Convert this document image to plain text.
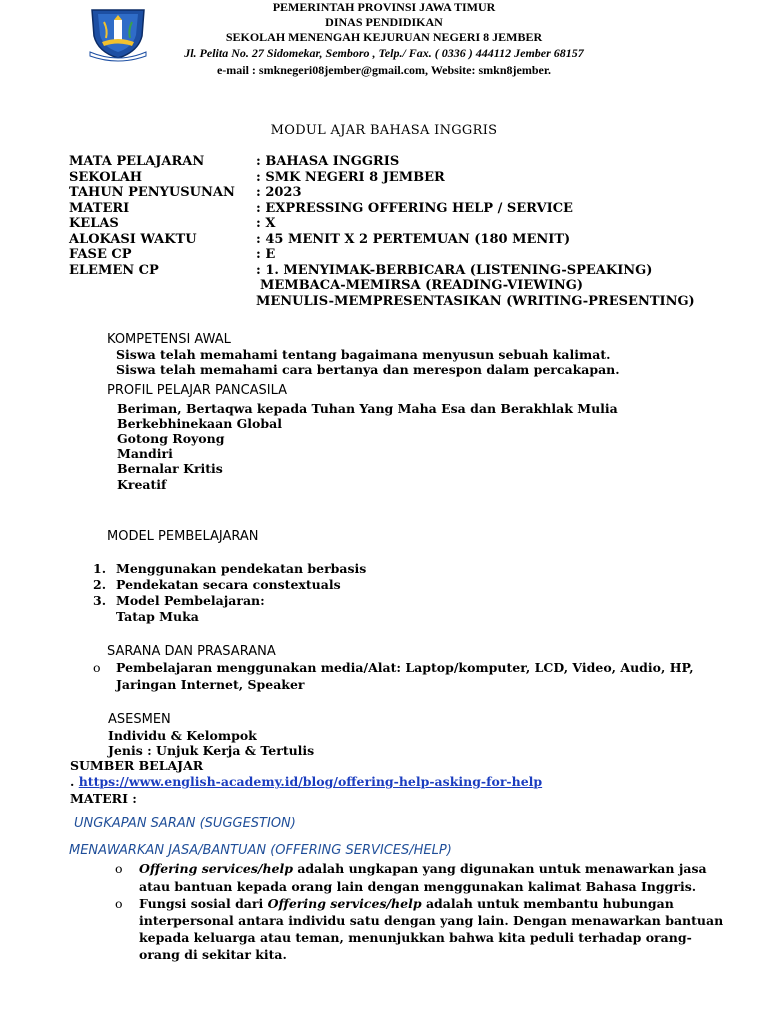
PEMERINTAH PROVINSI JAWA TIMUR
DINAS PENDIDIKAN
SEKOLAH MENENGAH KEJURUAN NEGERI 8 JEMBER
Jl. Pelita No. 27 Sidomekar, Semboro , Telp./ Fax. ( 0336 ) 444112 Jember 68157
e-mail : smknegeri08jember@gmail.com, Website: smkn8jember.
MODUL AJAR BAHASA INGGRIS
MATA PELAJARAN	: BAHASA INGGRIS
SEKOLAH	: SMK NEGERI 8 JEMBER
TAHUN PENYUSUNAN : 2023
MATERI	: EXPRESSING OFFERING HELP / SERVICE
KELAS	: X
ALOKASI WAKTU	: 45 MENIT X 2 PERTEMUAN (180 MENIT)
FASE CP	: E
ELEMEN CP	: 1. MENYIMAK-BERBICARA (LISTENING-SPEAKING)
MEMBACA-MEMIRSA (READING-VIEWING)
MENULIS-MEMPRESENTASIKAN (WRITING-PRESENTING)
KOMPETENSI AWAL
Siswa telah memahami tentang bagaimana menyusun sebuah kalimat.
Siswa telah memahami cara bertanya dan merespon dalam percakapan.
PROFIL PELAJAR PANCASILA
Beriman, Bertaqwa kepada Tuhan Yang Maha Esa dan Berakhlak Mulia
Berkebhinekaan Global
Gotong Royong
Mandiri
Bernalar Kritis
Kreatif
MODEL PEMBELAJARAN
1. Menggunakan pendekatan berbasis
2. Pendekatan secara constextuals
3. Model Pembelajaran:
Tatap Muka
SARANA DAN PRASARANA
o Pembelajaran menggunakan media/Alat: Laptop/komputer, LCD, Video, Audio, HP,
Jaringan Internet, Speaker
ASESMEN
Individu & Kelompok
Jenis : Unjuk Kerja & Tertulis
SUMBER BELAJAR
. https://www.english-academy.id/blog/offering-help-asking-for-help
MATERI :
UNGKAPAN SARAN (SUGGESTION)
MENAWARKAN JASA/BANTUAN (OFFERING SERVICES/HELP)
o Offering services/help adalah ungkapan yang digunakan untuk menawarkan jasa
atau bantuan kepada orang lain dengan menggunakan kalimat Bahasa Inggris.
o Fungsi sosial dari Offering services/help adalah untuk membantu hubungan
interpersonal antara individu satu dengan yang lain. Dengan menawarkan bantuan
kepada keluarga atau teman, menunjukkan bahwa kita peduli terhadap orang-
orang di sekitar kita.
